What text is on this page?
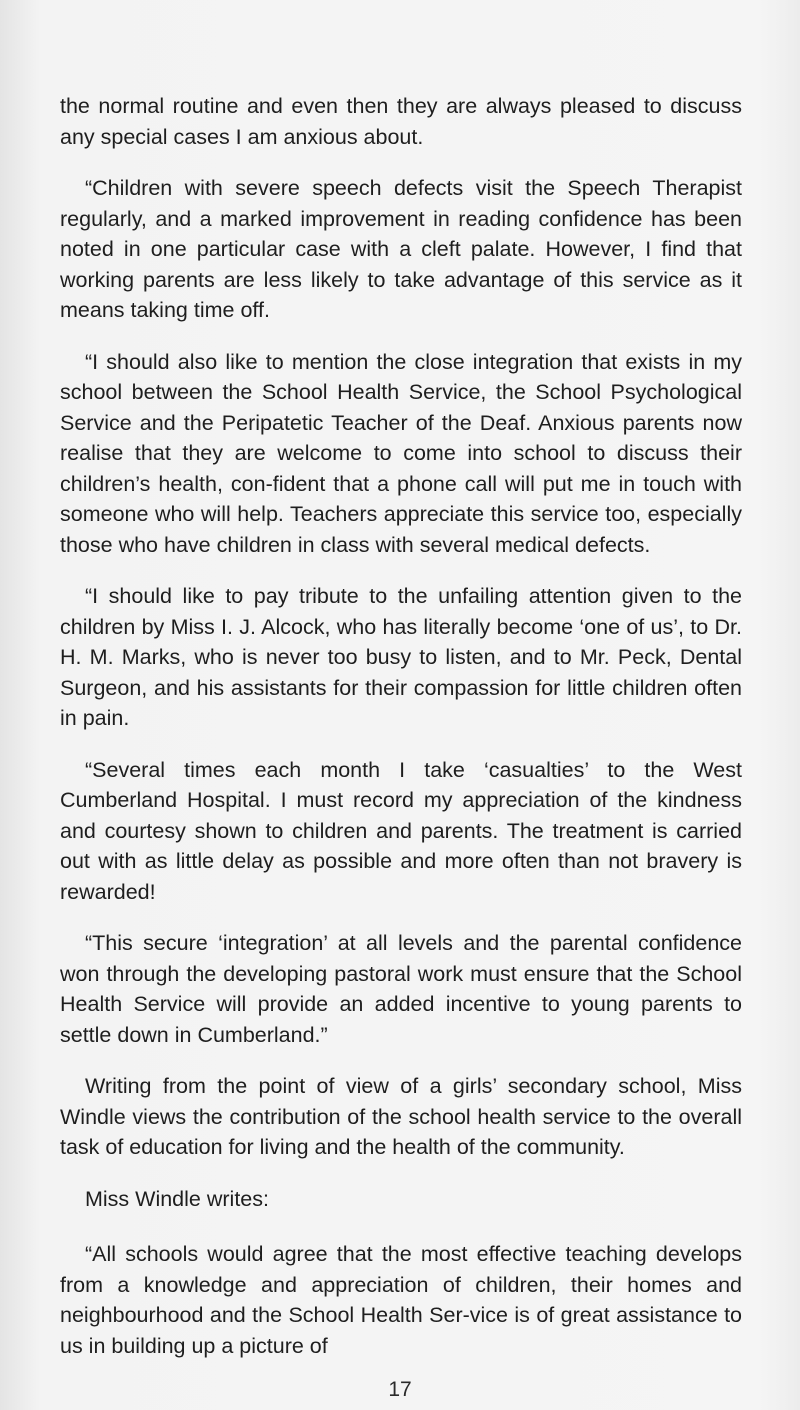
the normal routine and even then they are always pleased to discuss any special cases I am anxious about.

“Children with severe speech defects visit the Speech Therapist regularly, and a marked improvement in reading confidence has been noted in one particular case with a cleft palate. However, I find that working parents are less likely to take advantage of this service as it means taking time off.

“I should also like to mention the close integration that exists in my school between the School Health Service, the School Psychological Service and the Peripatetic Teacher of the Deaf. Anxious parents now realise that they are welcome to come into school to discuss their children’s health, con-fident that a phone call will put me in touch with someone who will help. Teachers appreciate this service too, especially those who have children in class with several medical defects.

“I should like to pay tribute to the unfailing attention given to the children by Miss I. J. Alcock, who has literally become ‘one of us’, to Dr. H. M. Marks, who is never too busy to listen, and to Mr. Peck, Dental Surgeon, and his assistants for their compassion for little children often in pain.

“Several times each month I take ‘casualties’ to the West Cumberland Hospital. I must record my appreciation of the kindness and courtesy shown to children and parents. The treatment is carried out with as little delay as possible and more often than not bravery is rewarded!

“This secure ‘integration’ at all levels and the parental confidence won through the developing pastoral work must ensure that the School Health Service will provide an added incentive to young parents to settle down in Cumberland.”

Writing from the point of view of a girls’ secondary school, Miss Windle views the contribution of the school health service to the overall task of education for living and the health of the community.

Miss Windle writes:

“All schools would agree that the most effective teaching develops from a knowledge and appreciation of children, their homes and neighbourhood and the School Health Ser-vice is of great assistance to us in building up a picture of

17
